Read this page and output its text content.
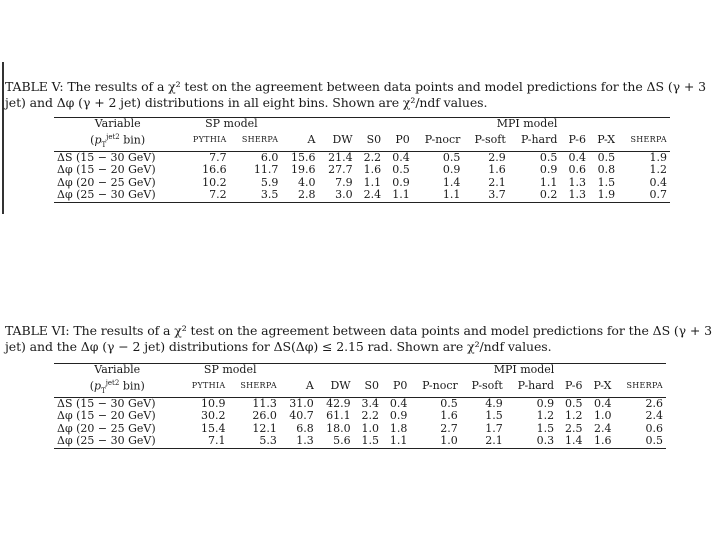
TABLE V: The results of a χ² test on the agreement between data points and model predictions for the ΔS (γ + 3 jet) and Δφ (γ + 2 jet) distributions in all eight bins. Shown are χ²/ndf values.
Variable	SP model					MPI model						
($p_T^{jet2}$ bin)	PYTHIA	SHERPA	A	DW	S0	P0	P-nocr	P-soft	P-hard	P-6	P-X	SHERPA
ΔS (15 − 30 GeV)	7.7	6.0	15.6	21.4	2.2	0.4	0.5	2.9	0.5	0.4	0.5	1.9
Δφ (15 − 20 GeV)	16.6	11.7	19.6	27.7	1.6	0.5	0.9	1.6	0.9	0.6	0.8	1.2
Δφ (20 − 25 GeV)	10.2	5.9	4.0	7.9	1.1	0.9	1.4	2.1	1.1	1.3	1.5	0.4
Δφ (25 − 30 GeV)	7.2	3.5	2.8	3.0	2.4	1.1	1.1	3.7	0.2	1.3	1.9	0.7
TABLE VI: The results of a χ² test on the agreement between data points and model predictions for the ΔS (γ + 3 jet) and the Δφ (γ − 2 jet) distributions for ΔS(Δφ) ≤ 2.15 rad. Shown are χ²/ndf values.
Variable	SP model					MPI model						
($p_T^{jet2}$ bin)	PYTHIA	SHERPA	A	DW	S0	P0	P-nocr	P-soft	P-hard	P-6	P-X	SHERPA
ΔS (15 − 30 GeV)	10.9	11.3	31.0	42.9	3.4	0.4	0.5	4.9	0.9	0.5	0.4	2.6
Δφ (15 − 20 GeV)	30.2	26.0	40.7	61.1	2.2	0.9	1.6	1.5	1.2	1.2	1.0	2.4
Δφ (20 − 25 GeV)	15.4	12.1	6.8	18.0	1.0	1.8	2.7	1.7	1.5	2.5	2.4	0.6
Δφ (25 − 30 GeV)	7.1	5.3	1.3	5.6	1.5	1.1	1.0	2.1	0.3	1.4	1.6	0.5
